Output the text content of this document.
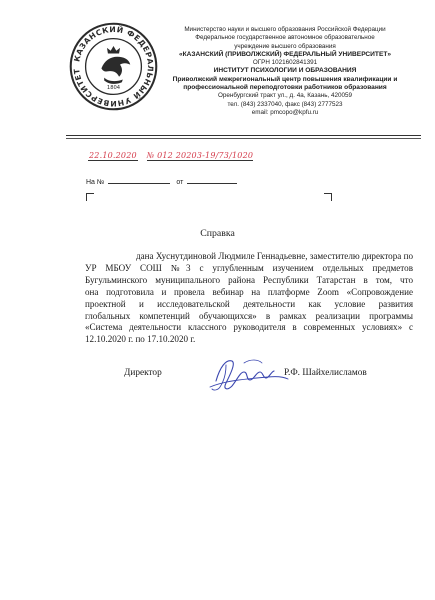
КАЗАНСКИЙ ФЕДЕРАЛЬНЫЙ УНИВЕРСИТЕТ
1804
Министерство науки и высшего образования Российской Федерации
Федеральное государственное автономное образовательное
учреждение высшего образования
«КАЗАНСКИЙ (ПРИВОЛЖСКИЙ) ФЕДЕРАЛЬНЫЙ УНИВЕРСИТЕТ»
ОГРН 1021602841391
ИНСТИТУТ ПСИХОЛОГИИ И ОБРАЗОВАНИЯ
Приволжский межрегиональный центр повышения квалификации и
профессиональной переподготовки работников образования
Оренбургский тракт ул., д. 4а, Казань, 420059
тел. (843) 2337040, факс (843) 2777523
email: pmcopo@kpfu.ru
22.10.2020 № 012 20203-19/73/1020
На №	от
Справка
дана Хуснутдиновой Людмиле Геннадьевне, заместителю директора по
УР МБОУ СОШ №3 с углубленным изучением отдельных предметов
Бугульминского муниципального района Республики Татарстан в том, что
она подготовила и провела вебинар на платформе Zoom «Сопровождение
проектной и исследовательской деятельности как условие развития
глобальных компетенций обучающихся» в рамках реализации программы
«Система деятельности классного руководителя в современных условиях» с
12.10.2020 г. по 17.10.2020 г.
Директор	Р.Ф. Шайхелисламов
